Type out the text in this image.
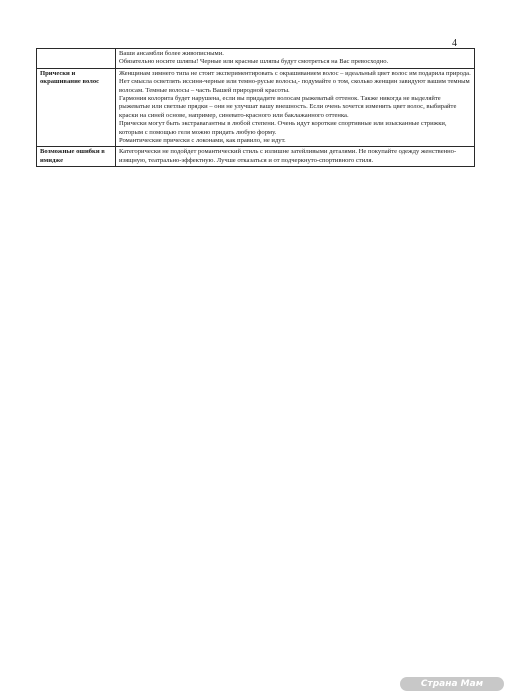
4

	Ваши ансамбли более живописными.
Обязательно носите шляпы! Черные или красные шляпы будут смотреться на Вас превосходно.

Прически и окрашивание волос	Женщинам зимнего типа не стоит экспериментировать с окрашиванием волос – идеальный цвет волос им подарила природа. Нет смысла осветлять иссиня-черные или темно-русые волосы,- подумайте о том, сколько женщин завидуют вашим темным волосам. Темные волосы – часть Вашей природной красоты.
Гармония колорита будет нарушена, если вы придадите волосам рыжеватый оттенок. Также никогда не выделяйте рыжеватые или светлые прядки – они не улучшат вашу внешность. Если очень хочется изменить цвет волос, выбирайте краски на синей основе, например, синевато-красного или баклажанного оттенка.
Прически могут быть экстравагантны в любой степени. Очень идут короткие спортивные или изысканные стрижки, которым с помощью геля можно придать любую форму.
Романтические прически с локонами, как правило, не идут.

Возможные ошибки в имидже	Категорически не подойдет романтический стиль с излишне затейливыми деталями. Не покупайте одежду женственно-изящную, театрально-эффектную. Лучше отказаться и от подчеркнуто-спортивного стиля.
Страна Мам
